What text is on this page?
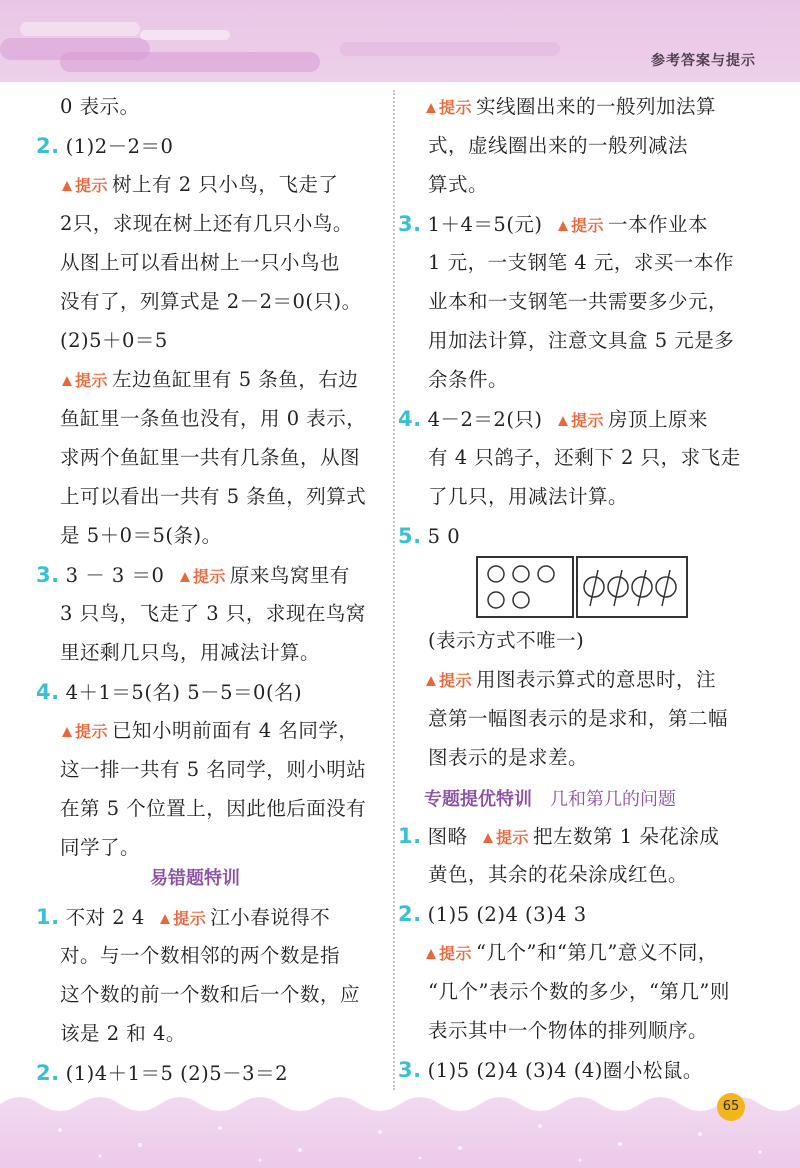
参考答案与提示
0 表示。
2. (1)2－2＝0
提示 树上有 2 只小鸟，飞走了
2只，求现在树上还有几只小鸟。
从图上可以看出树上一只小鸟也
没有了，列算式是 2－2＝0(只)。
(2)5＋0＝5
提示 左边鱼缸里有 5 条鱼，右边
鱼缸里一条鱼也没有，用 0 表示，
求两个鱼缸里一共有几条鱼，从图
上可以看出一共有 5 条鱼，列算式
是 5＋0＝5(条)。
3. 3 － 3 ＝0 提示 原来鸟窝里有
3 只鸟，飞走了 3 只，求现在鸟窝
里还剩几只鸟，用减法计算。
4. 4＋1＝5(名) 5－5＝0(名)
提示 已知小明前面有 4 名同学，
这一排一共有 5 名同学，则小明站
在第 5 个位置上，因此他后面没有
同学了。
易错题特训
1. 不对 2 4 提示 江小春说得不
对。与一个数相邻的两个数是指
这个数的前一个数和后一个数，应
该是 2 和 4。
2. (1)4＋1＝5 (2)5－3＝2
提示 实线圈出来的一般列加法算
式，虚线圈出来的一般列减法
算式。
3. 1＋4＝5(元) 提示 一本作业本
1 元，一支钢笔 4 元，求买一本作
业本和一支钢笔一共需要多少元，
用加法计算，注意文具盒 5 元是多
余条件。
4. 4－2＝2(只) 提示 房顶上原来
有 4 只鸽子，还剩下 2 只，求飞走
了几只，用减法计算。
5. 5 0
(表示方式不唯一)
提示 用图表示算式的意思时，注
意第一幅图表示的是求和，第二幅
图表示的是求差。
专题提优特训 几和第几的问题
1. 图略 提示 把左数第 1 朵花涂成
黄色，其余的花朵涂成红色。
2. (1)5 (2)4 (3)4 3
提示 “几个”和“第几”意义不同，
“几个”表示个数的多少，“第几”则
表示其中一个物体的排列顺序。
3. (1)5 (2)4 (3)4 (4)圈小松鼠。
65
